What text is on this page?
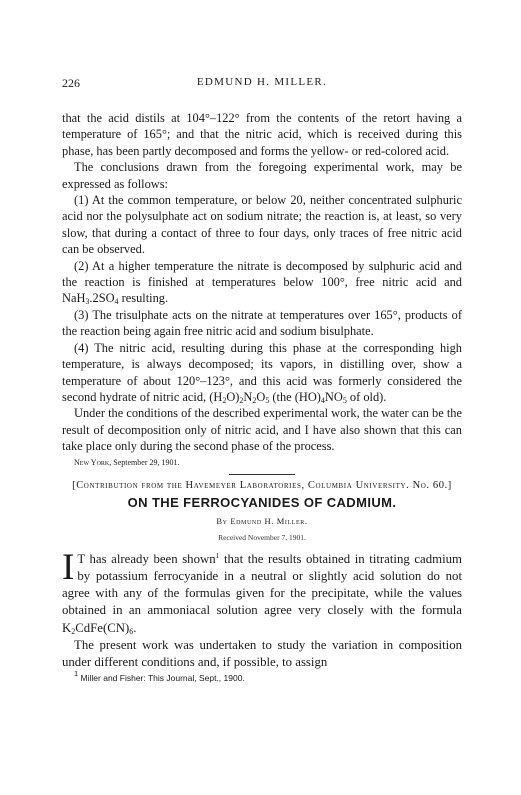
226	EDMUND H. MILLER.

that the acid distils at 104°–122° from the contents of the retort having a temperature of 165°; and that the nitric acid, which is received during this phase, has been partly decomposed and forms the yellow- or red-colored acid.

The conclusions drawn from the foregoing experimental work, may be expressed as follows:

(1) At the common temperature, or below 20, neither concentrated sulphuric acid nor the polysulphate act on sodium nitrate; the reaction is, at least, so very slow, that during a contact of three to four days, only traces of free nitric acid can be observed.

(2) At a higher temperature the nitrate is decomposed by sulphuric acid and the reaction is finished at temperatures below 100°, free nitric acid and $NaH_3.2SO_4$ resulting.

(3) The trisulphate acts on the nitrate at temperatures over 165°, products of the reaction being again free nitric acid and sodium bisulphate.

(4) The nitric acid, resulting during this phase at the corresponding high temperature, is always decomposed; its vapors, in distilling over, show a temperature of about 120°–123°, and this acid was formerly considered the second hydrate of nitric acid, $(H_2O)_2N_2O_5$ (the $(HO)_4NO_5$ of old).

Under the conditions of the described experimental work, the water can be the result of decomposition only of nitric acid, and I have also shown that this can take place only during the second phase of the process.

New York, September 29, 1901.
[Contribution from the Havemeyer Laboratories, Columbia University. No. 60.]
ON THE FERROCYANIDES OF CADMIUM.
By Edmund H. Miller.
Received November 7, 1901.

I T has already been shown$^1$ that the results obtained in titrating cadmium by potassium ferrocyanide in a neutral or slightly acid solution do not agree with any of the formulas given for the precipitate, while the values obtained in an ammoniacal solution agree very closely with the formula $K_2CdFe(CN)_6$.

The present work was undertaken to study the variation in composition under different conditions and, if possible, to assign

$^1$ Miller and Fisher: This Journal, Sept., 1900.
